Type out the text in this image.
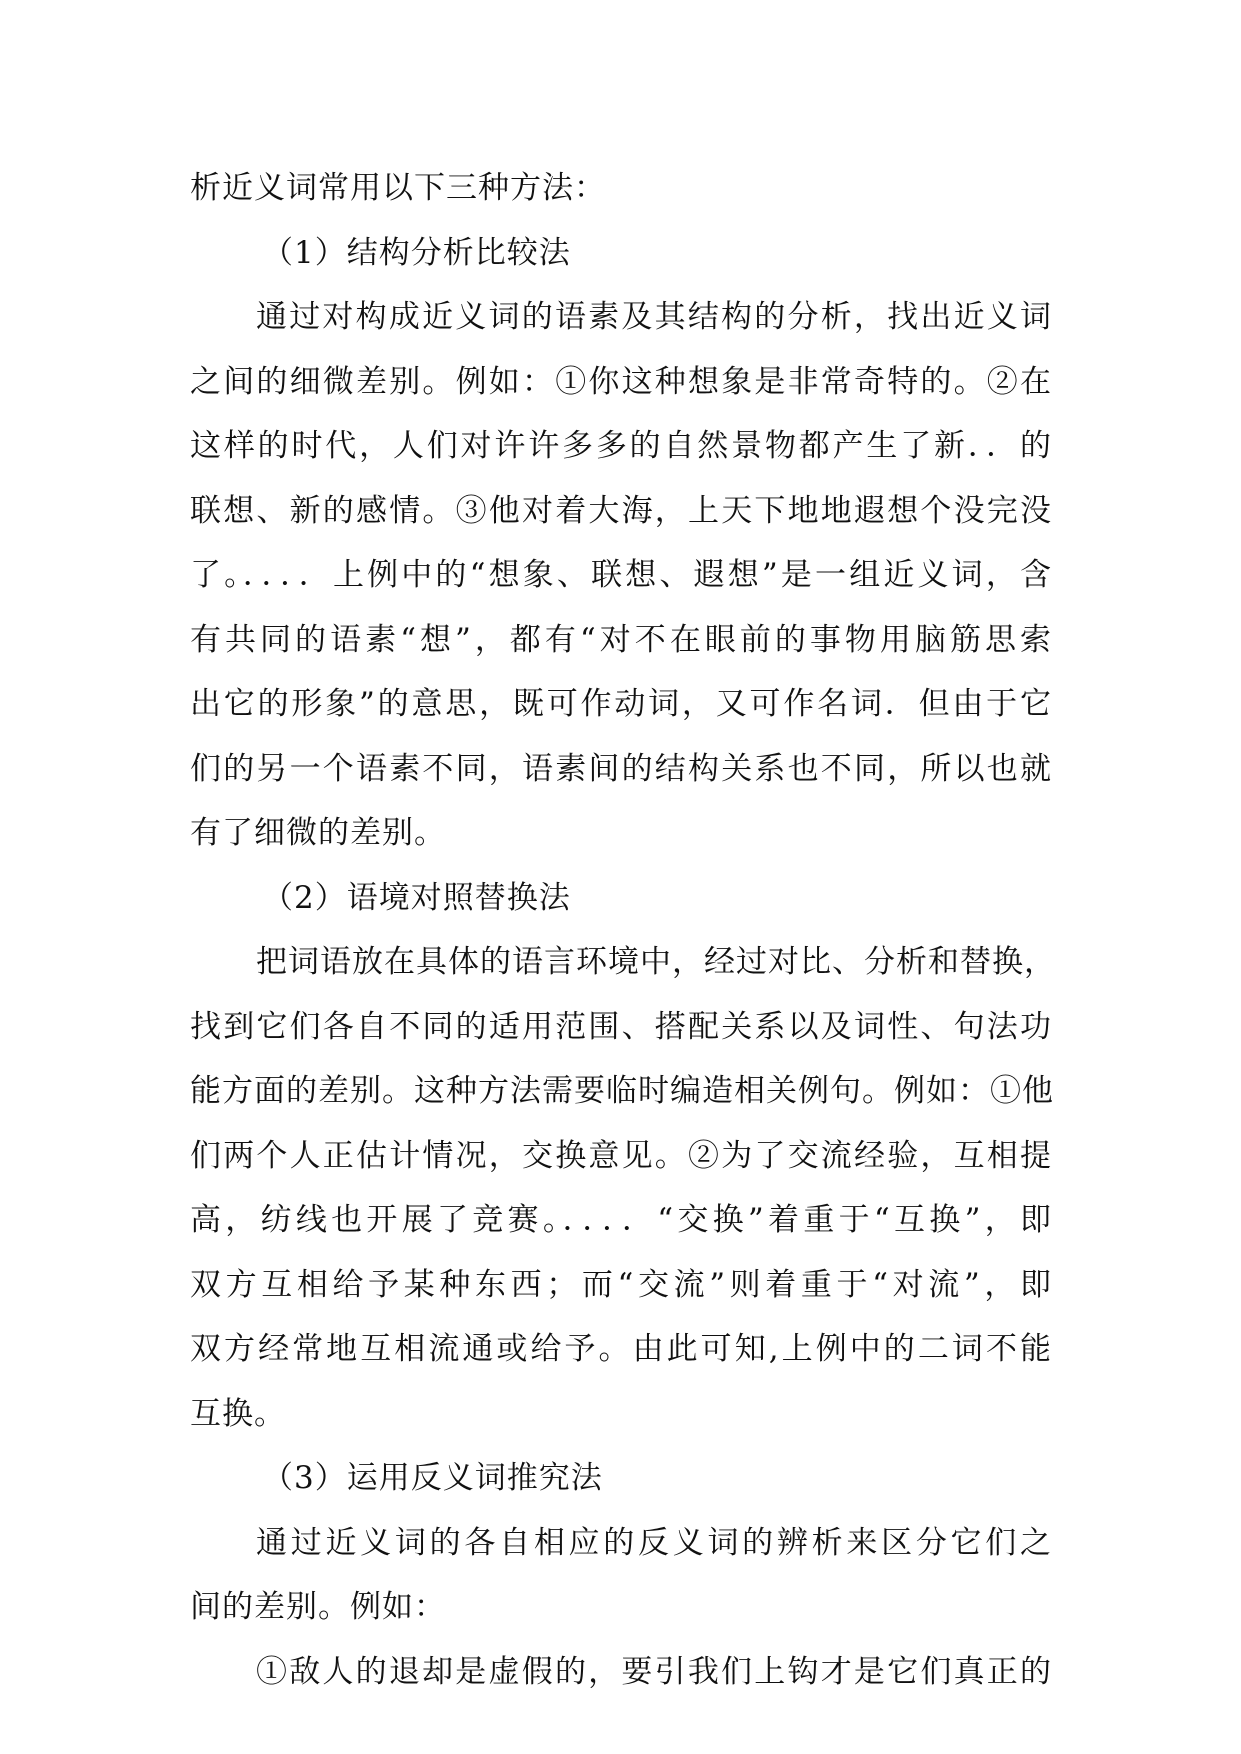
析近义词常用以下三种方法：
（1）结构分析比较法
通过对构成近义词的语素及其结构的分析，找出近义词
之间的细微差别。例如：①你这种想象是非常奇特的。②在
这样的时代，人们对许许多多的自然景物都产生了新．．的
联想、新的感情。③他对着大海，上天下地地遐想个没完没
了。．．．．上例中的“想象、联想、遐想”是一组近义词，含
有共同的语素“想”，都有“对不在眼前的事物用脑筋思索
出它的形象”的意思，既可作动词，又可作名词．但由于它
们的另一个语素不同，语素间的结构关系也不同，所以也就
有了细微的差别。
（2）语境对照替换法
把词语放在具体的语言环境中，经过对比、分析和替换，
找到它们各自不同的适用范围、搭配关系以及词性、句法功
能方面的差别。这种方法需要临时编造相关例句。例如：①他
们两个人正估计情况，交换意见。②为了交流经验，互相提
高，纺线也开展了竞赛。．．．．“交换”着重于“互换”，即
双方互相给予某种东西；而“交流”则着重于“对流”，即
双方经常地互相流通或给予。由此可知,上例中的二词不能
互换。
（3）运用反义词推究法
通过近义词的各自相应的反义词的辨析来区分它们之
间的差别。例如：
①敌人的退却是虚假的，要引我们上钩才是它们真正的
